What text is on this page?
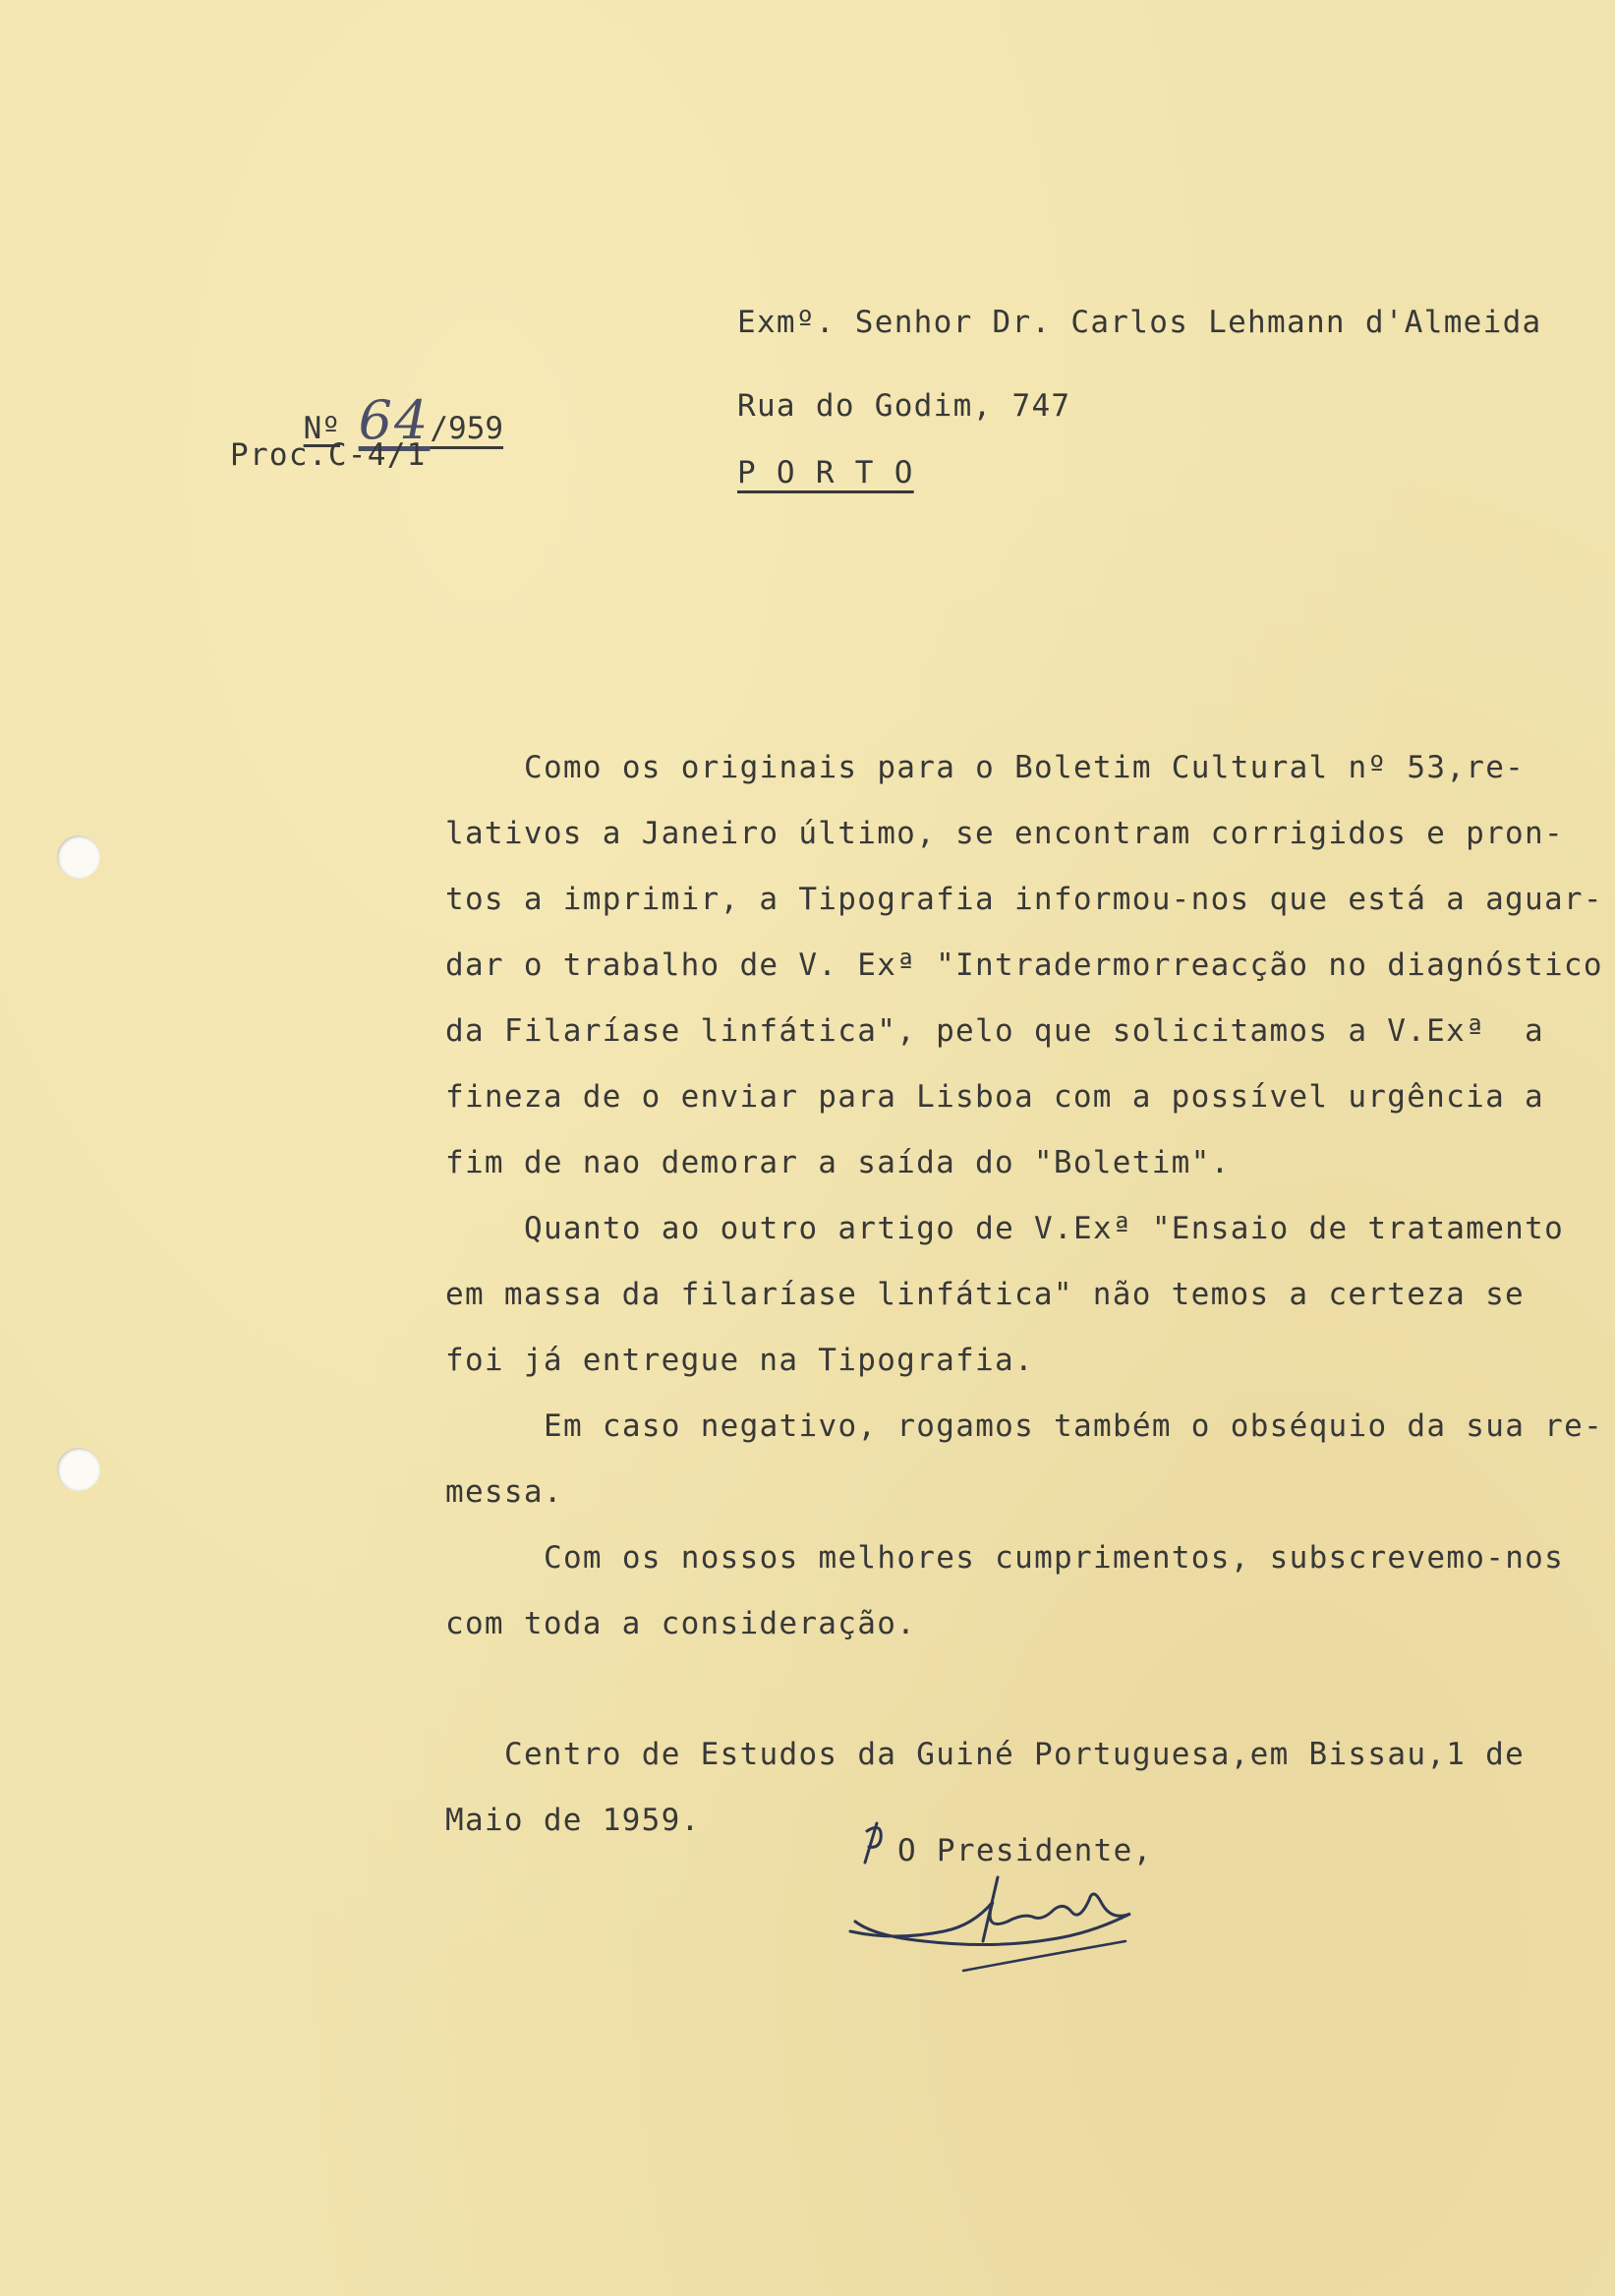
Nº 64/959

Proc.C-4/1
Exmº. Senhor Dr. Carlos Lehmann d'Almeida
Rua do Godim, 747
P O R T O
Como os originais para o Boletim Cultural nº 53,re-
lativos a Janeiro último, se encontram corrigidos e pron-
tos a imprimir, a Tipografia informou-nos que está a aguar-
dar o trabalho de V. Exª "Intradermorreacção no diagnóstico
da Filaríase linfática", pelo que solicitamos a V.Exª  a
fineza de o enviar para Lisboa com a possível urgência a
fim de nao demorar a saída do "Boletim".
Quanto ao outro artigo de V.Exª "Ensaio de tratamento
em massa da filaríase linfática" não temos a certeza se
foi já entregue na Tipografia.
Em caso negativo, rogamos também o obséquio da sua re-
messa.
Com os nossos melhores cumprimentos, subscrevemo-nos
com toda a consideração.
Centro de Estudos da Guiné Portuguesa,em Bissau,1 de
Maio de 1959.
O Presidente,
